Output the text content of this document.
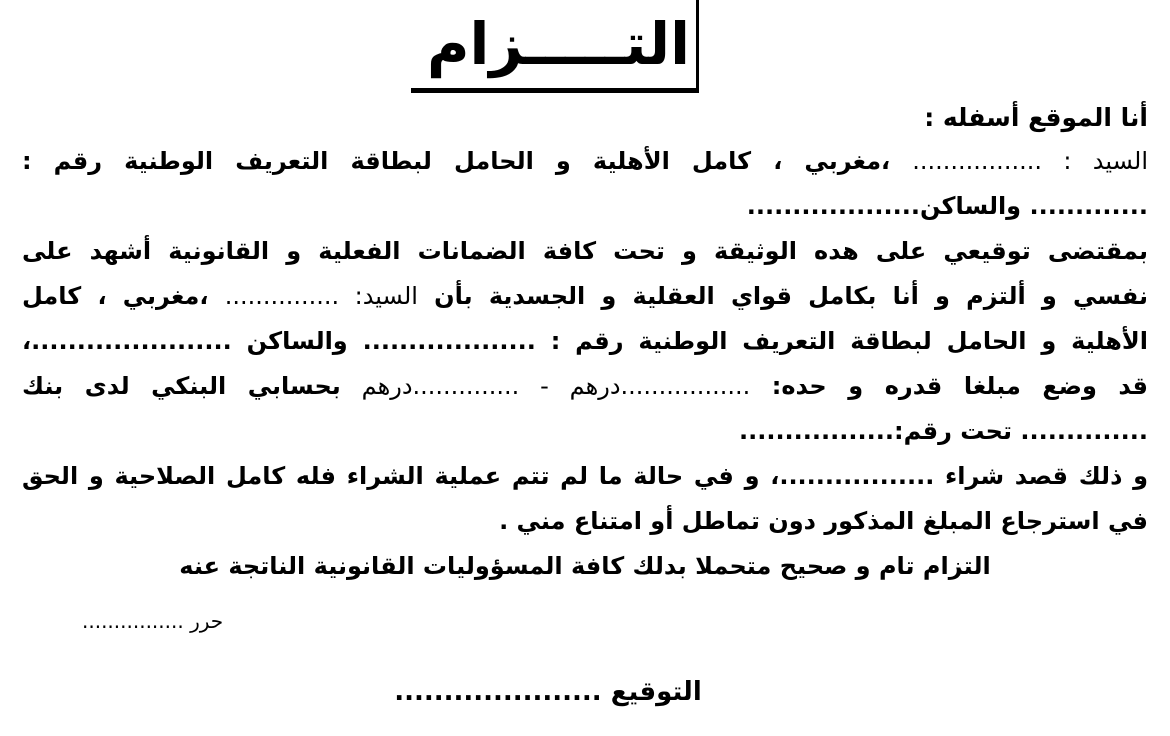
التـــــزام

أنا الموقع أسفله :

السيد : ................. ،مغربي ، كامل الأهلية و الحامل لبطاقة التعريف الوطنية رقم :

............. والساكن...................

بمقتضى توقيعي على هده الوثيقة و تحت كافة الضمانات الفعلية و القانونية أشهد على

نفسي و ألتزم و أنا بكامل قواي العقلية و الجسدية بأن السيد: ............... ،مغربي ، كامل

الأهلية و الحامل لبطاقة التعريف الوطنية رقم : ................... والساكن ......................،

قد وضع مبلغا قدره و حده: .................درهم - ..............درهم بحسابي البنكي لدى بنك

.............. تحت رقم:.................

و ذلك قصد شراء .................، و في حالة ما لم تتم عملية الشراء فله كامل الصلاحية و الحق

في استرجاع المبلغ المذكور دون تماطل أو امتناع مني .

التزام تام و صحيح متحملا بدلك كافة المسؤوليات القانونية الناتجة عنه

حرر ................

التوقيع .....................
